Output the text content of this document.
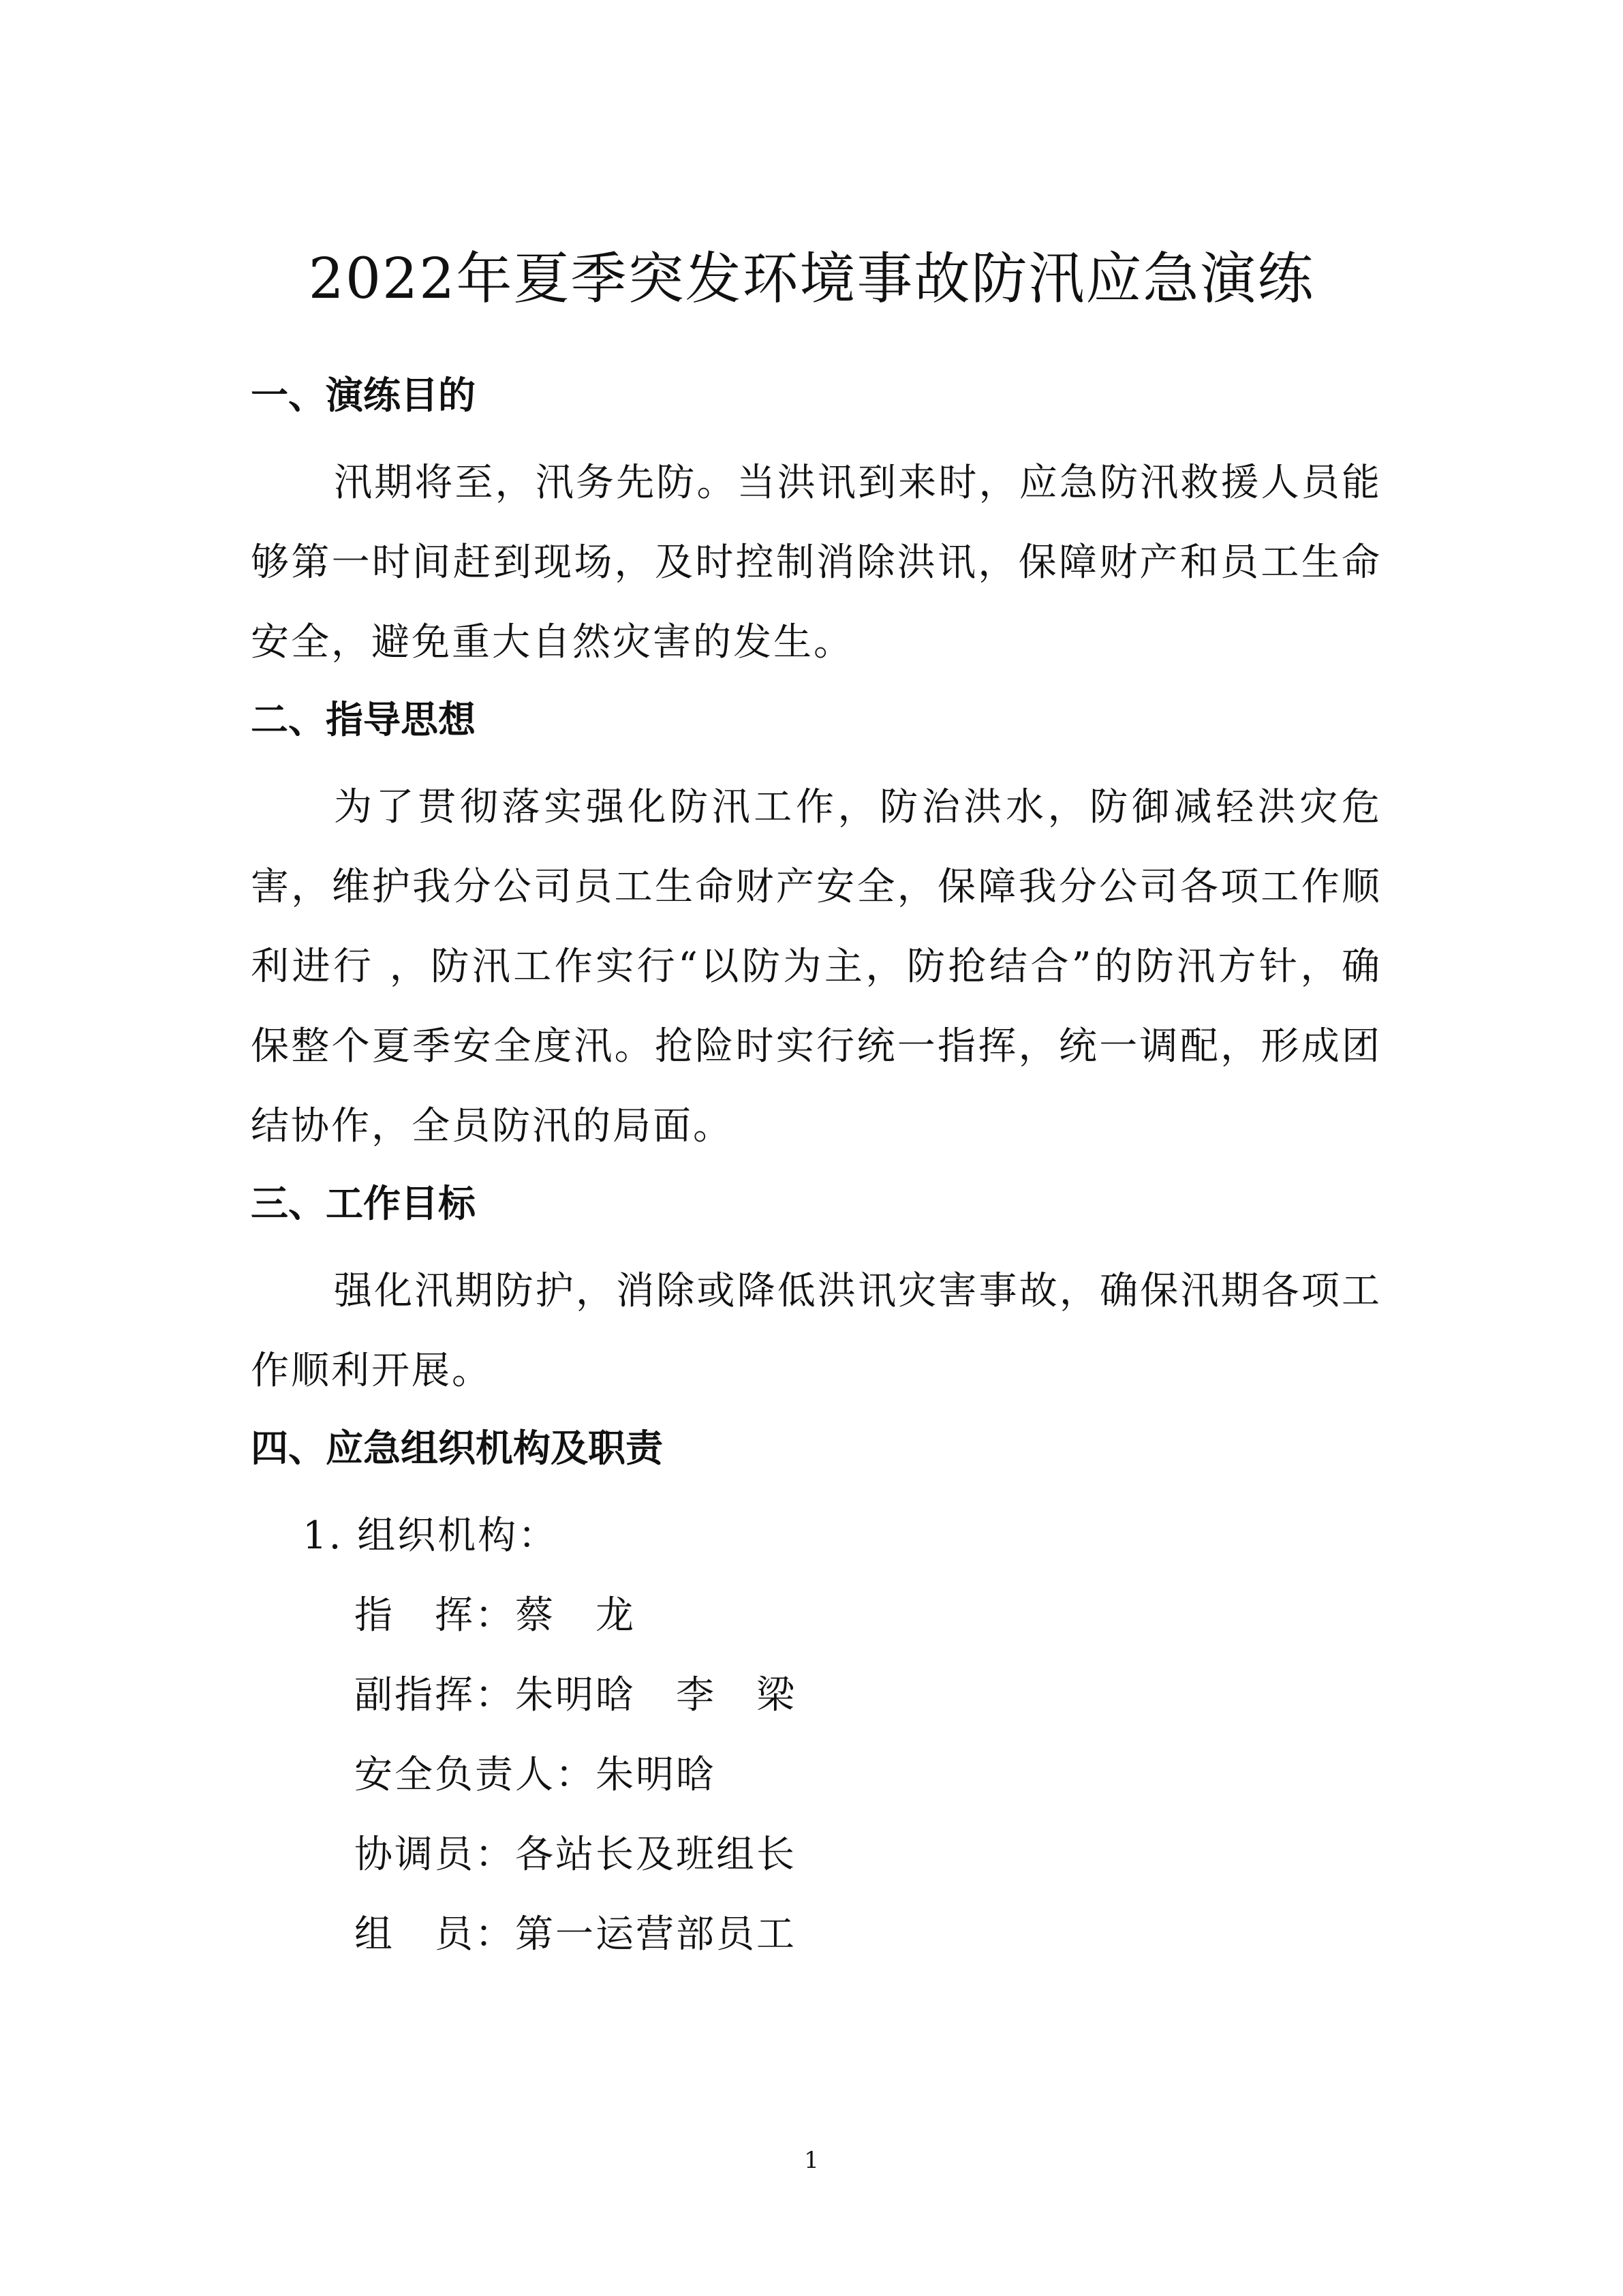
2022年夏季突发环境事故防汛应急演练
一、演练目的

汛期将至，汛务先防。当洪讯到来时，应急防汛救援人员能够第一时间赶到现场，及时控制消除洪讯，保障财产和员工生命安全，避免重大自然灾害的发生。

二、指导思想

为了贯彻落实强化防汛工作，防治洪水，防御减轻洪灾危害，维护我分公司员工生命财产安全，保障我分公司各项工作顺利进行 ，防汛工作实行“以防为主，防抢结合”的防汛方针，确保整个夏季安全度汛。抢险时实行统一指挥，统一调配，形成团结协作，全员防汛的局面。

三、工作目标

强化汛期防护，消除或降低洪讯灾害事故，确保汛期各项工作顺利开展。

四、应急组织机构及职责

1. 组织机构：

指　挥：蔡　龙

副指挥：朱明晗　李　梁

安全负责人：朱明晗

协调员：各站长及班组长

组　员：第一运营部员工

1
